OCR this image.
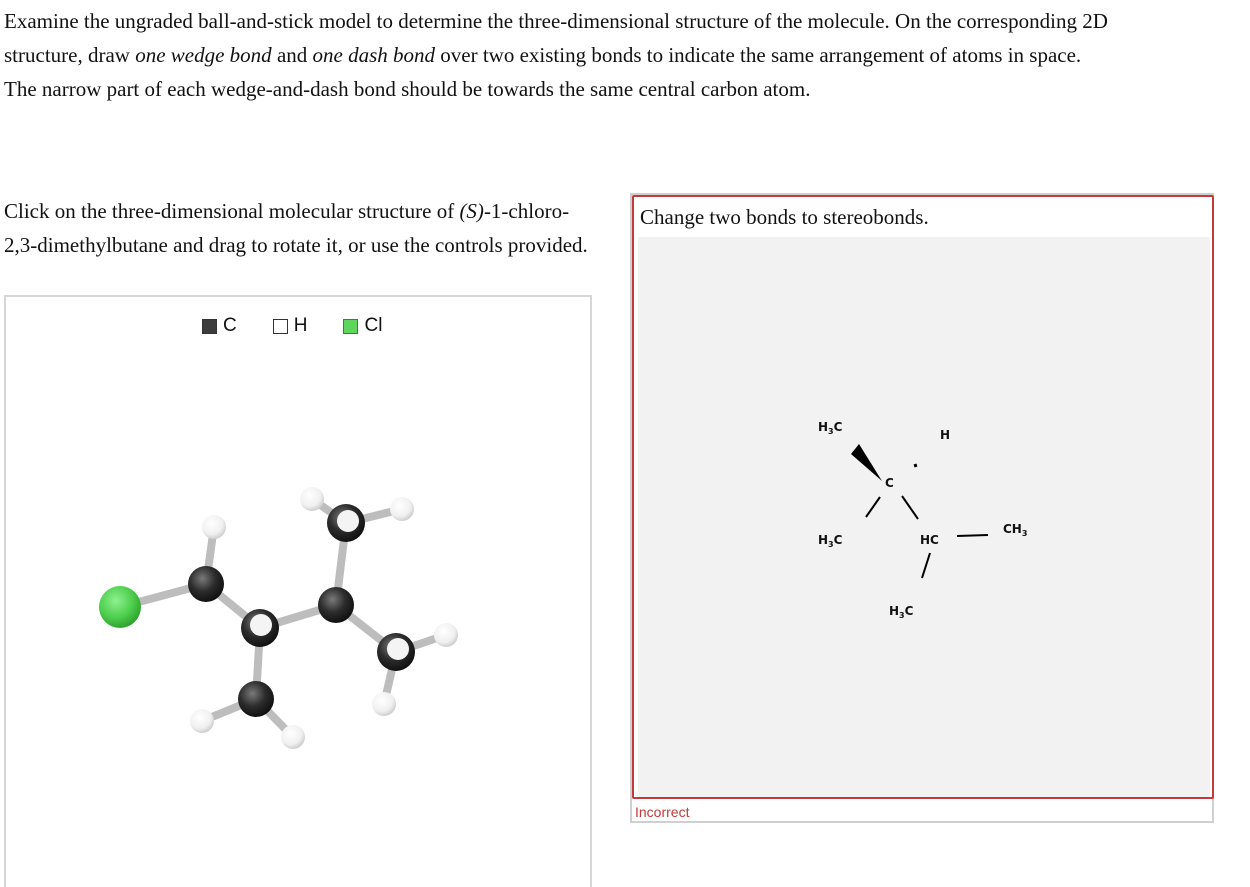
Examine the ungraded ball-and-stick model to determine the three-dimensional structure of the molecule. On the corresponding 2D structure, draw one wedge bond and one dash bond over two existing bonds to indicate the same arrangement of atoms in space. The narrow part of each wedge-and-dash bond should be towards the same central carbon atom.

Click on the three-dimensional molecular structure of (S)-1-chloro-2,3-dimethylbutane and drag to rotate it, or use the controls provided.

C	H	Cl
Change two bonds to stereobonds.
$H_3C$
H
C
$H_3C$	HC
$CH_3$
$H_3C$
Incorrect
